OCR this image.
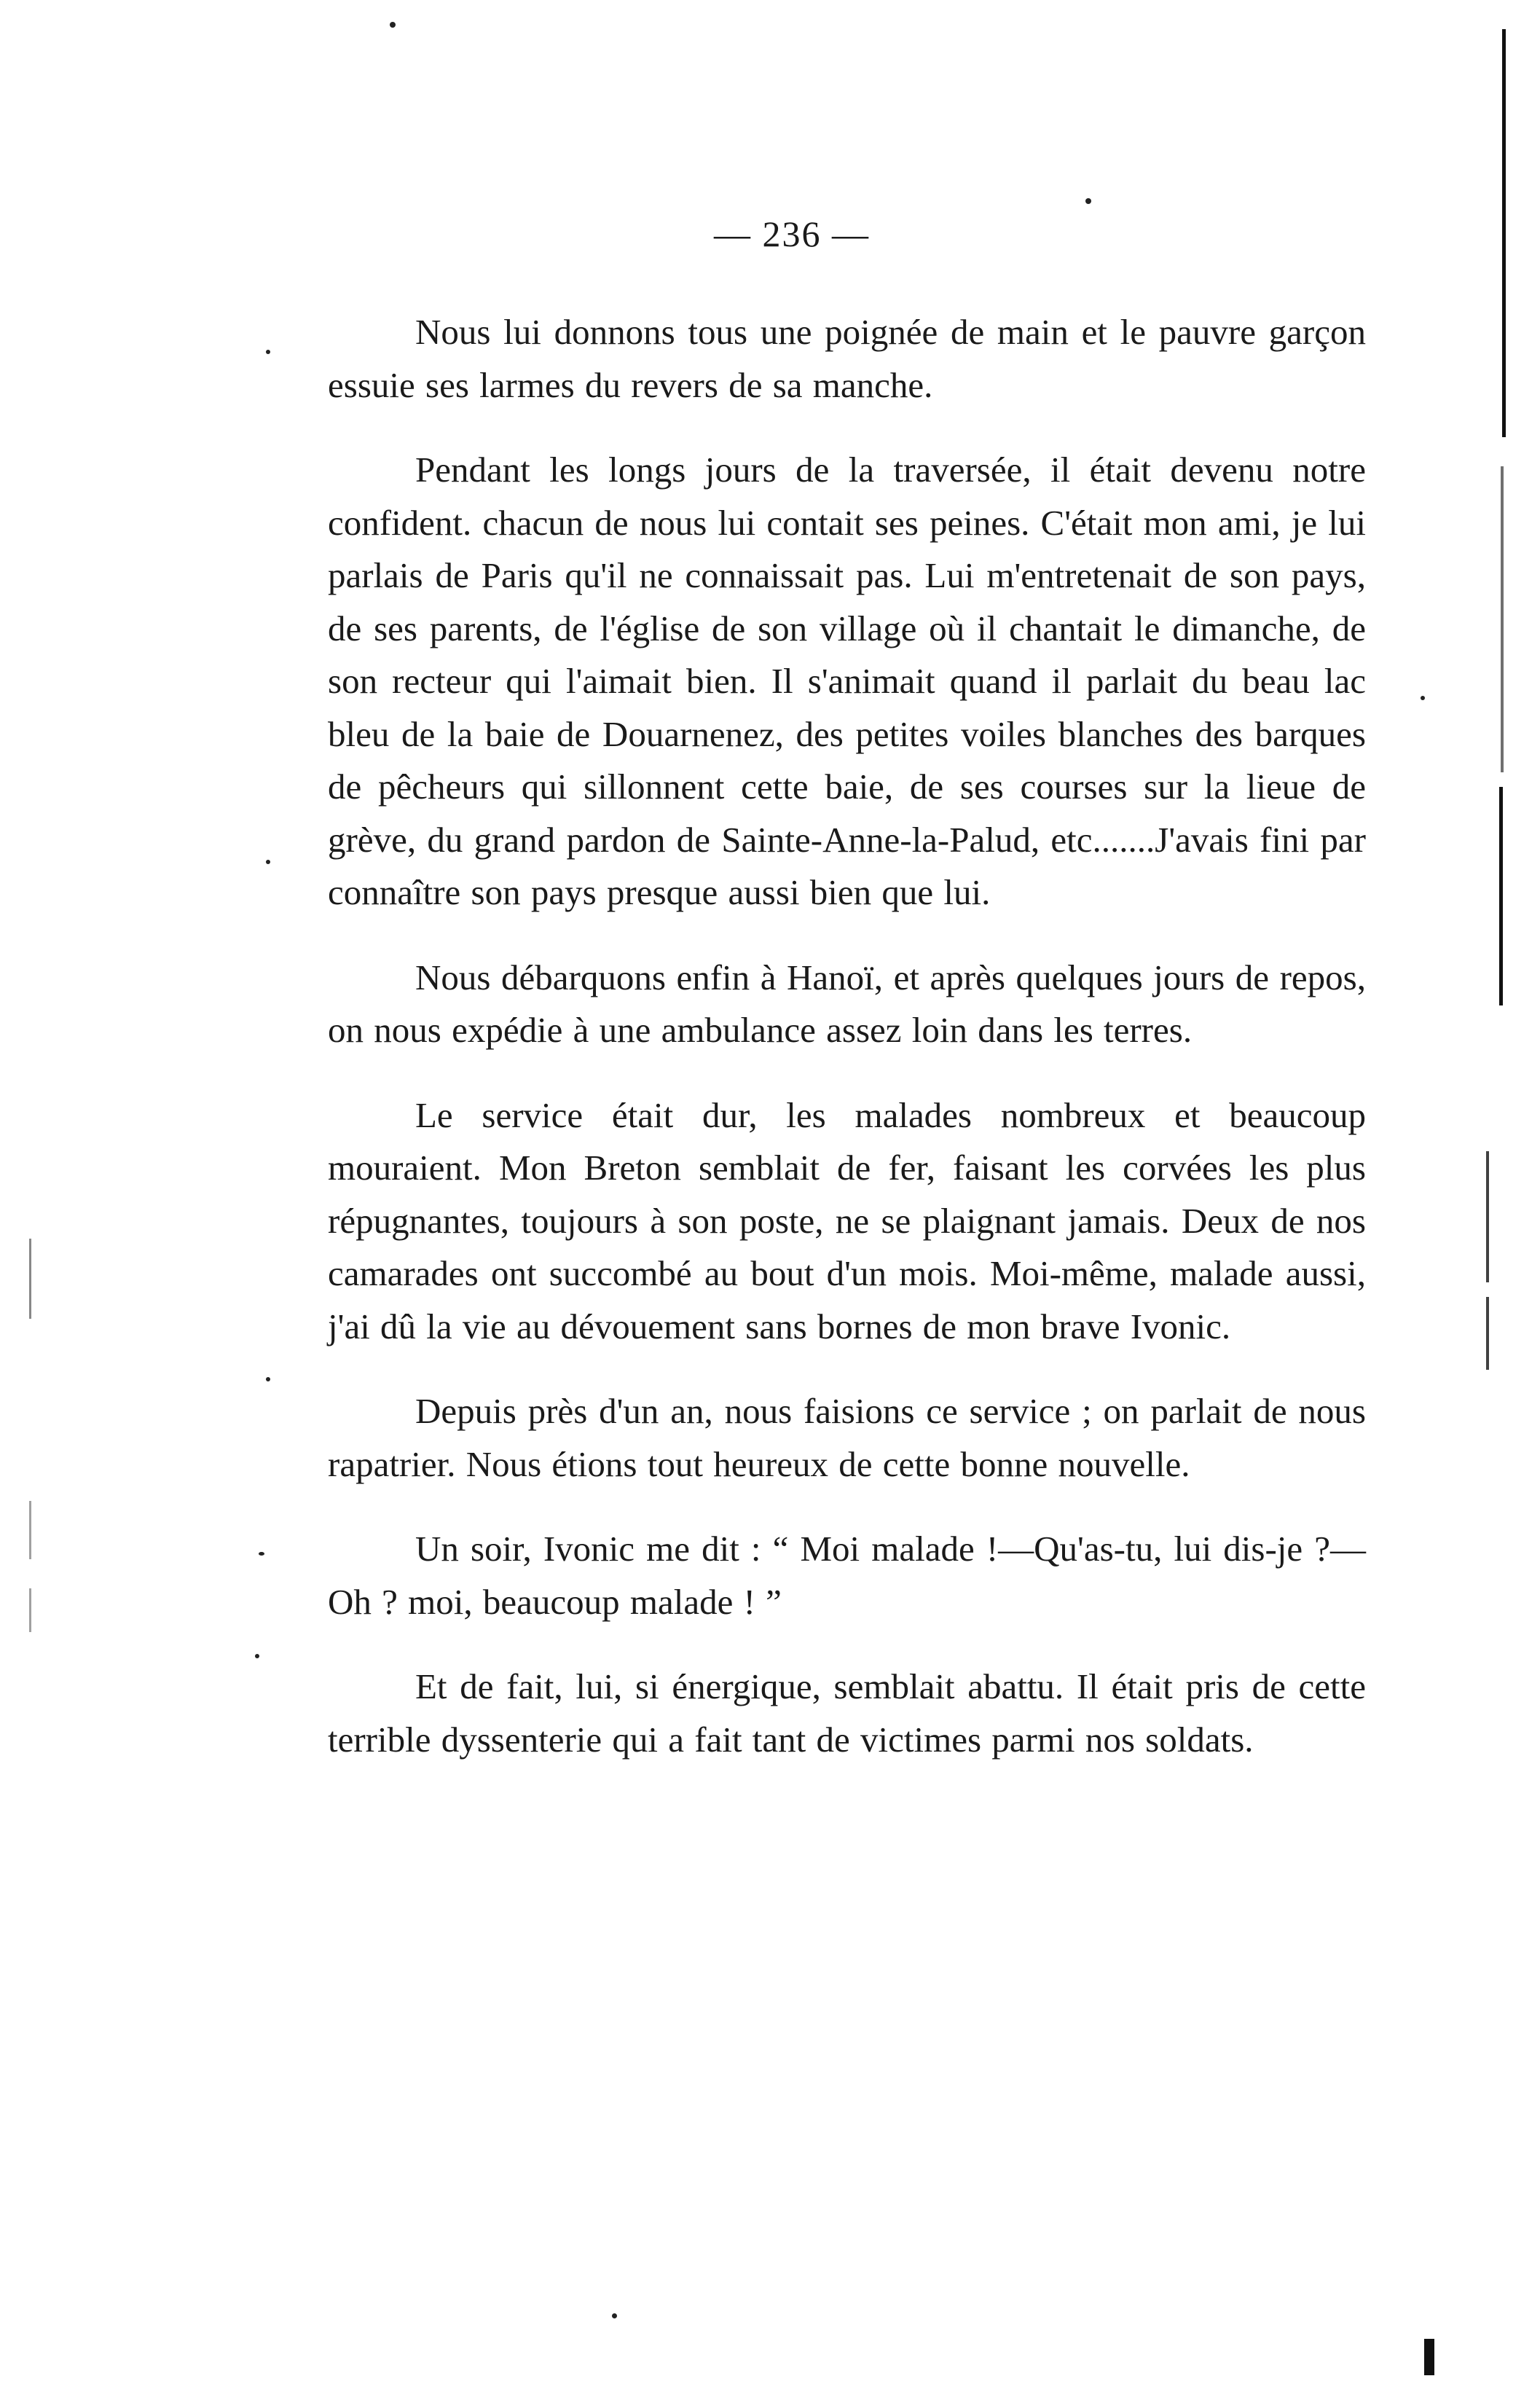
— 236 —

Nous lui donnons tous une poignée de main et le pauvre garçon essuie ses larmes du revers de sa manche.

Pendant les longs jours de la traversée, il était devenu notre confident. chacun de nous lui contait ses peines. C'était mon ami, je lui parlais de Paris qu'il ne connaissait pas. Lui m'entretenait de son pays, de ses parents, de l'église de son village où il chantait le dimanche, de son recteur qui l'aimait bien. Il s'animait quand il parlait du beau lac bleu de la baie de Douarnenez, des petites voiles blanches des barques de pêcheurs qui sillonnent cette baie, de ses courses sur la lieue de grève, du grand pardon de Sainte-Anne-la-Palud, etc.......J'avais fini par connaître son pays presque aussi bien que lui.

Nous débarquons enfin à Hanoï, et après quelques jours de repos, on nous expédie à une ambulance assez loin dans les terres.

Le service était dur, les malades nombreux et beaucoup mouraient. Mon Breton semblait de fer, faisant les corvées les plus répugnantes, toujours à son poste, ne se plaignant jamais. Deux de nos camarades ont succombé au bout d'un mois. Moi-même, malade aussi, j'ai dû la vie au dévouement sans bornes de mon brave Ivonic.

Depuis près d'un an, nous faisions ce service ; on parlait de nous rapatrier. Nous étions tout heureux de cette bonne nouvelle.

Un soir, Ivonic me dit : “ Moi malade !—Qu'as-tu, lui dis-je ?—Oh ? moi, beaucoup malade ! ”

Et de fait, lui, si énergique, semblait abattu. Il était pris de cette terrible dyssenterie qui a fait tant de victimes parmi nos soldats.
